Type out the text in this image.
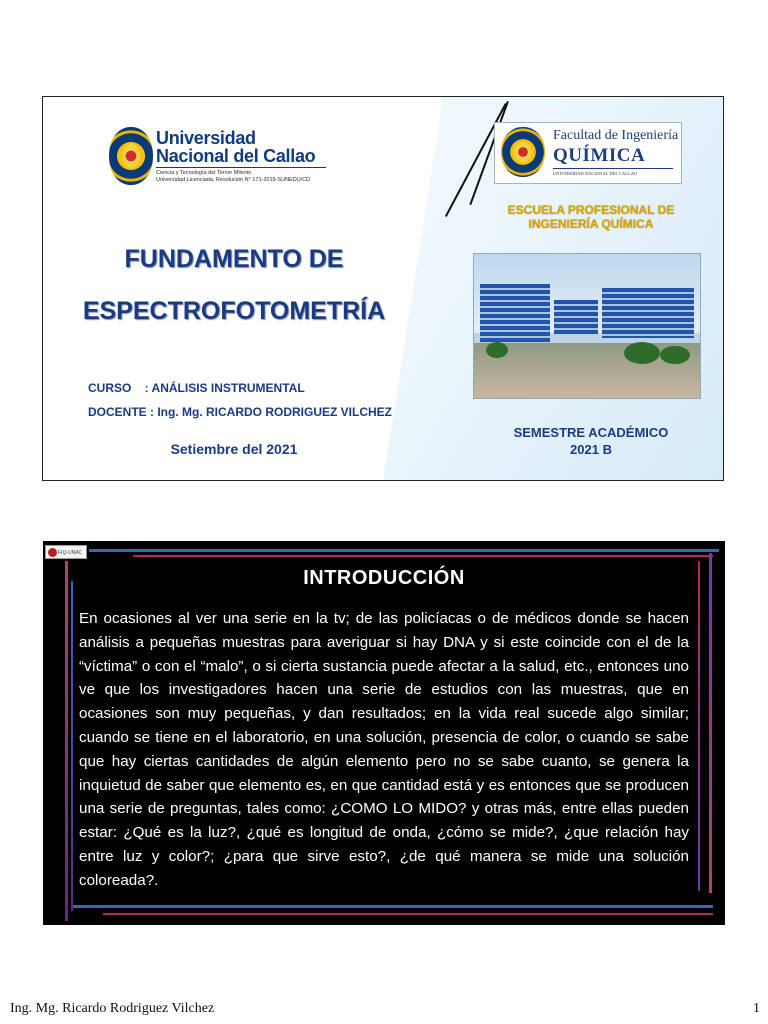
Universidad
Nacional del Callao
Ciencia y Tecnología del Tercer Milenio
Universidad Licenciada, Resolución N° 171-2019-SUNEDU/CD
Facultad de Ingeniería
QUÍMICA
UNIVERSIDAD NACIONAL DEL CALLAO
ESCUELA PROFESIONAL DE
INGENIERÍA QUÍMICA
FUNDAMENTO DE
ESPECTROFOTOMETRÍA
CURSO    : ANÁLISIS INSTRUMENTAL
DOCENTE : Ing. Mg. RICARDO RODRIGUEZ VILCHEZ
Setiembre del 2021
SEMESTRE ACADÉMICO
2021 B
FIQ-UNAC
INTRODUCCIÓN
En ocasiones al ver una serie en la tv; de las policíacas o de médicos donde se hacen análisis a pequeñas muestras para averiguar si hay DNA y si este coincide con el de la “víctima” o con el “malo”, o si cierta sustancia puede afectar a la salud, etc., entonces uno ve que los investigadores hacen una serie de estudios con las muestras, que en ocasiones son muy pequeñas, y dan resultados; en la vida real sucede algo similar; cuando se tiene en el laboratorio, en una solución, presencia de color, o cuando se sabe que hay ciertas cantidades de algún elemento pero no se sabe cuanto, se genera la inquietud de saber que elemento es, en que cantidad está y es entonces que se producen una serie de preguntas, tales como: ¿COMO LO MIDO? y otras más, entre ellas pueden estar: ¿Qué es la luz?, ¿qué es longitud de onda, ¿cómo se mide?, ¿que relación hay entre luz y color?; ¿para que sirve esto?, ¿de qué manera se mide una solución coloreada?.
Ing. Mg. Ricardo Rodriguez Vilchez	1
